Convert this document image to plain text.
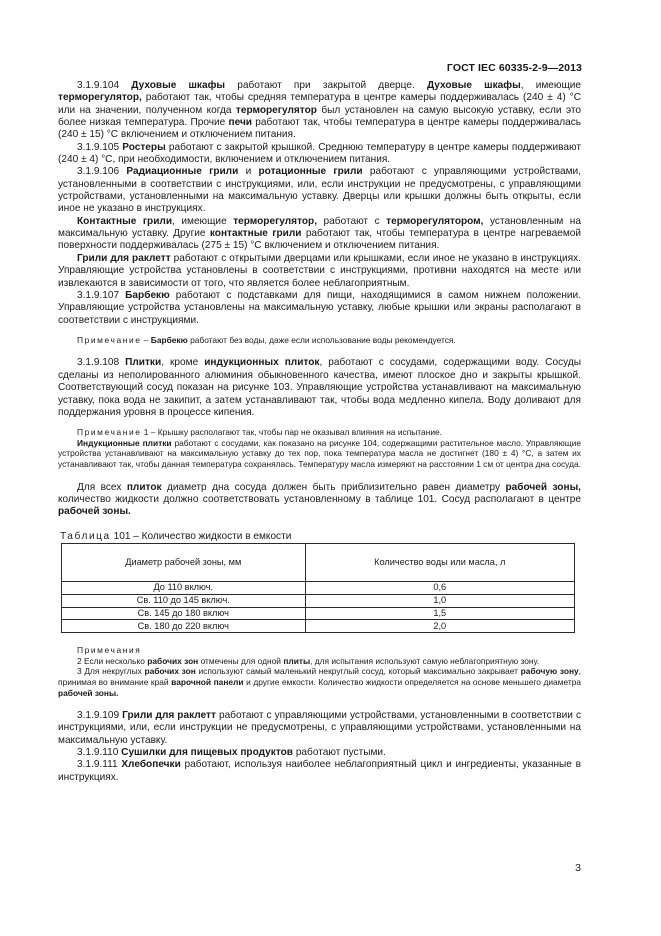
ГОСТ IEC 60335-2-9—2013

3.1.9.104 Духовые шкафы работают при закрытой дверце. Духовые шкафы, имеющие терморегулятор, работают так, чтобы средняя температура в центре камеры поддерживалась (240 ± 4) °С или на значении, полученном когда терморегулятор был установлен на самую высокую уставку, если это более низкая температура. Прочие печи работают так, чтобы температура в центре камеры поддерживалась (240 ± 15) °С включением и отключением питания.

3.1.9.105 Ростеры работают с закрытой крышкой. Среднюю температуру в центре камеры поддерживают (240 ± 4) °С, при необходимости, включением и отключением питания.

3.1.9.106 Радиационные грили и ротационные грили работают с управляющими устройствами, установленными в соответствии с инструкциями, или, если инструкции не предусмотрены, с управляющими устройствами, установленными на максимальную уставку. Дверцы или крышки должны быть открыты, если иное не указано в инструкциях.

Контактные грили, имеющие терморегулятор, работают с терморегулятором, установленным на максимальную уставку. Другие контактные грили работают так, чтобы температура в центре нагреваемой поверхности поддерживалась (275 ± 15) °С включением и отключением питания.

Грили для раклетт работают с открытыми дверцами или крышками, если иное не указано в инструкциях. Управляющие устройства установлены в соответствии с инструкциями, противни находятся на месте или извлекаются в зависимости от того, что является более неблагоприятным.

3.1.9.107 Барбекю работают с подставками для пищи, находящимися в самом нижнем положении. Управляющие устройства установлены на максимальную уставку, любые крышки или экраны располагают в соответствии с инструкциями.

Примечание – Барбекю работают без воды, даже если использование воды рекомендуется.

3.1.9.108 Плитки, кроме индукционных плиток, работают с сосудами, содержащими воду. Сосуды сделаны из неполированного алюминия обыкновенного качества, имеют плоское дно и закрыты крышкой. Соответствующий сосуд показан на рисунке 103. Управляющие устройства устанавливают на максимальную уставку, пока вода не закипит, а затем устанавливают так, чтобы вода медленно кипела. Воду доливают для поддержания уровня в процессе кипения.

Примечание 1 – Крышку располагают так, чтобы пар не оказывал влияния на испытание.

Индукционные плитки работают с сосудами, как показано на рисунке 104, содержащими растительное масло. Управляющие устройства устанавливают на максимальную уставку до тех пор, пока температура масла не достигнет (180 ± 4) °С, а затем их устанавливают так, чтобы данная температура сохранялась. Температуру масла измеряют на расстоянии 1 см от центра дна сосуда.

Для всех плиток диаметр дна сосуда должен быть приблизительно равен диаметру рабочей зоны, количество жидкости должно соответствовать установленному в таблице 101. Сосуд располагают в центре рабочей зоны.

Таблица 101 – Количество жидкости в емкости

Диаметр рабочей зоны, мм	Количество воды или масла, л
До 110 включ.	0,6
Св. 110 до 145 включ.	1,0
Св. 145 до 180 включ	1,5
Св. 180 до 220 включ	2,0

Примечания

2 Если несколько рабочих зон отмечены для одной плиты, для испытания используют самую неблагоприятную зону.

3 Для некруглых рабочих зон используют самый маленький некруглый сосуд, который максимально закрывает рабочую зону, принимая во внимание край варочной панели и другие емкости. Количество жидкости определяется на основе меньшего диаметра рабочей зоны.

3.1.9.109 Грили для раклетт работают с управляющими устройствами, установленными в соответствии с инструкциями, или, если инструкции не предусмотрены, с управляющими устройствами, установленными на максимальную уставку.

3.1.9.110 Сушилки для пищевых продуктов работают пустыми.

3.1.9.111 Хлебопечки работают, используя наиболее неблагоприятный цикл и ингредиенты, указанные в инструкциях.

3
